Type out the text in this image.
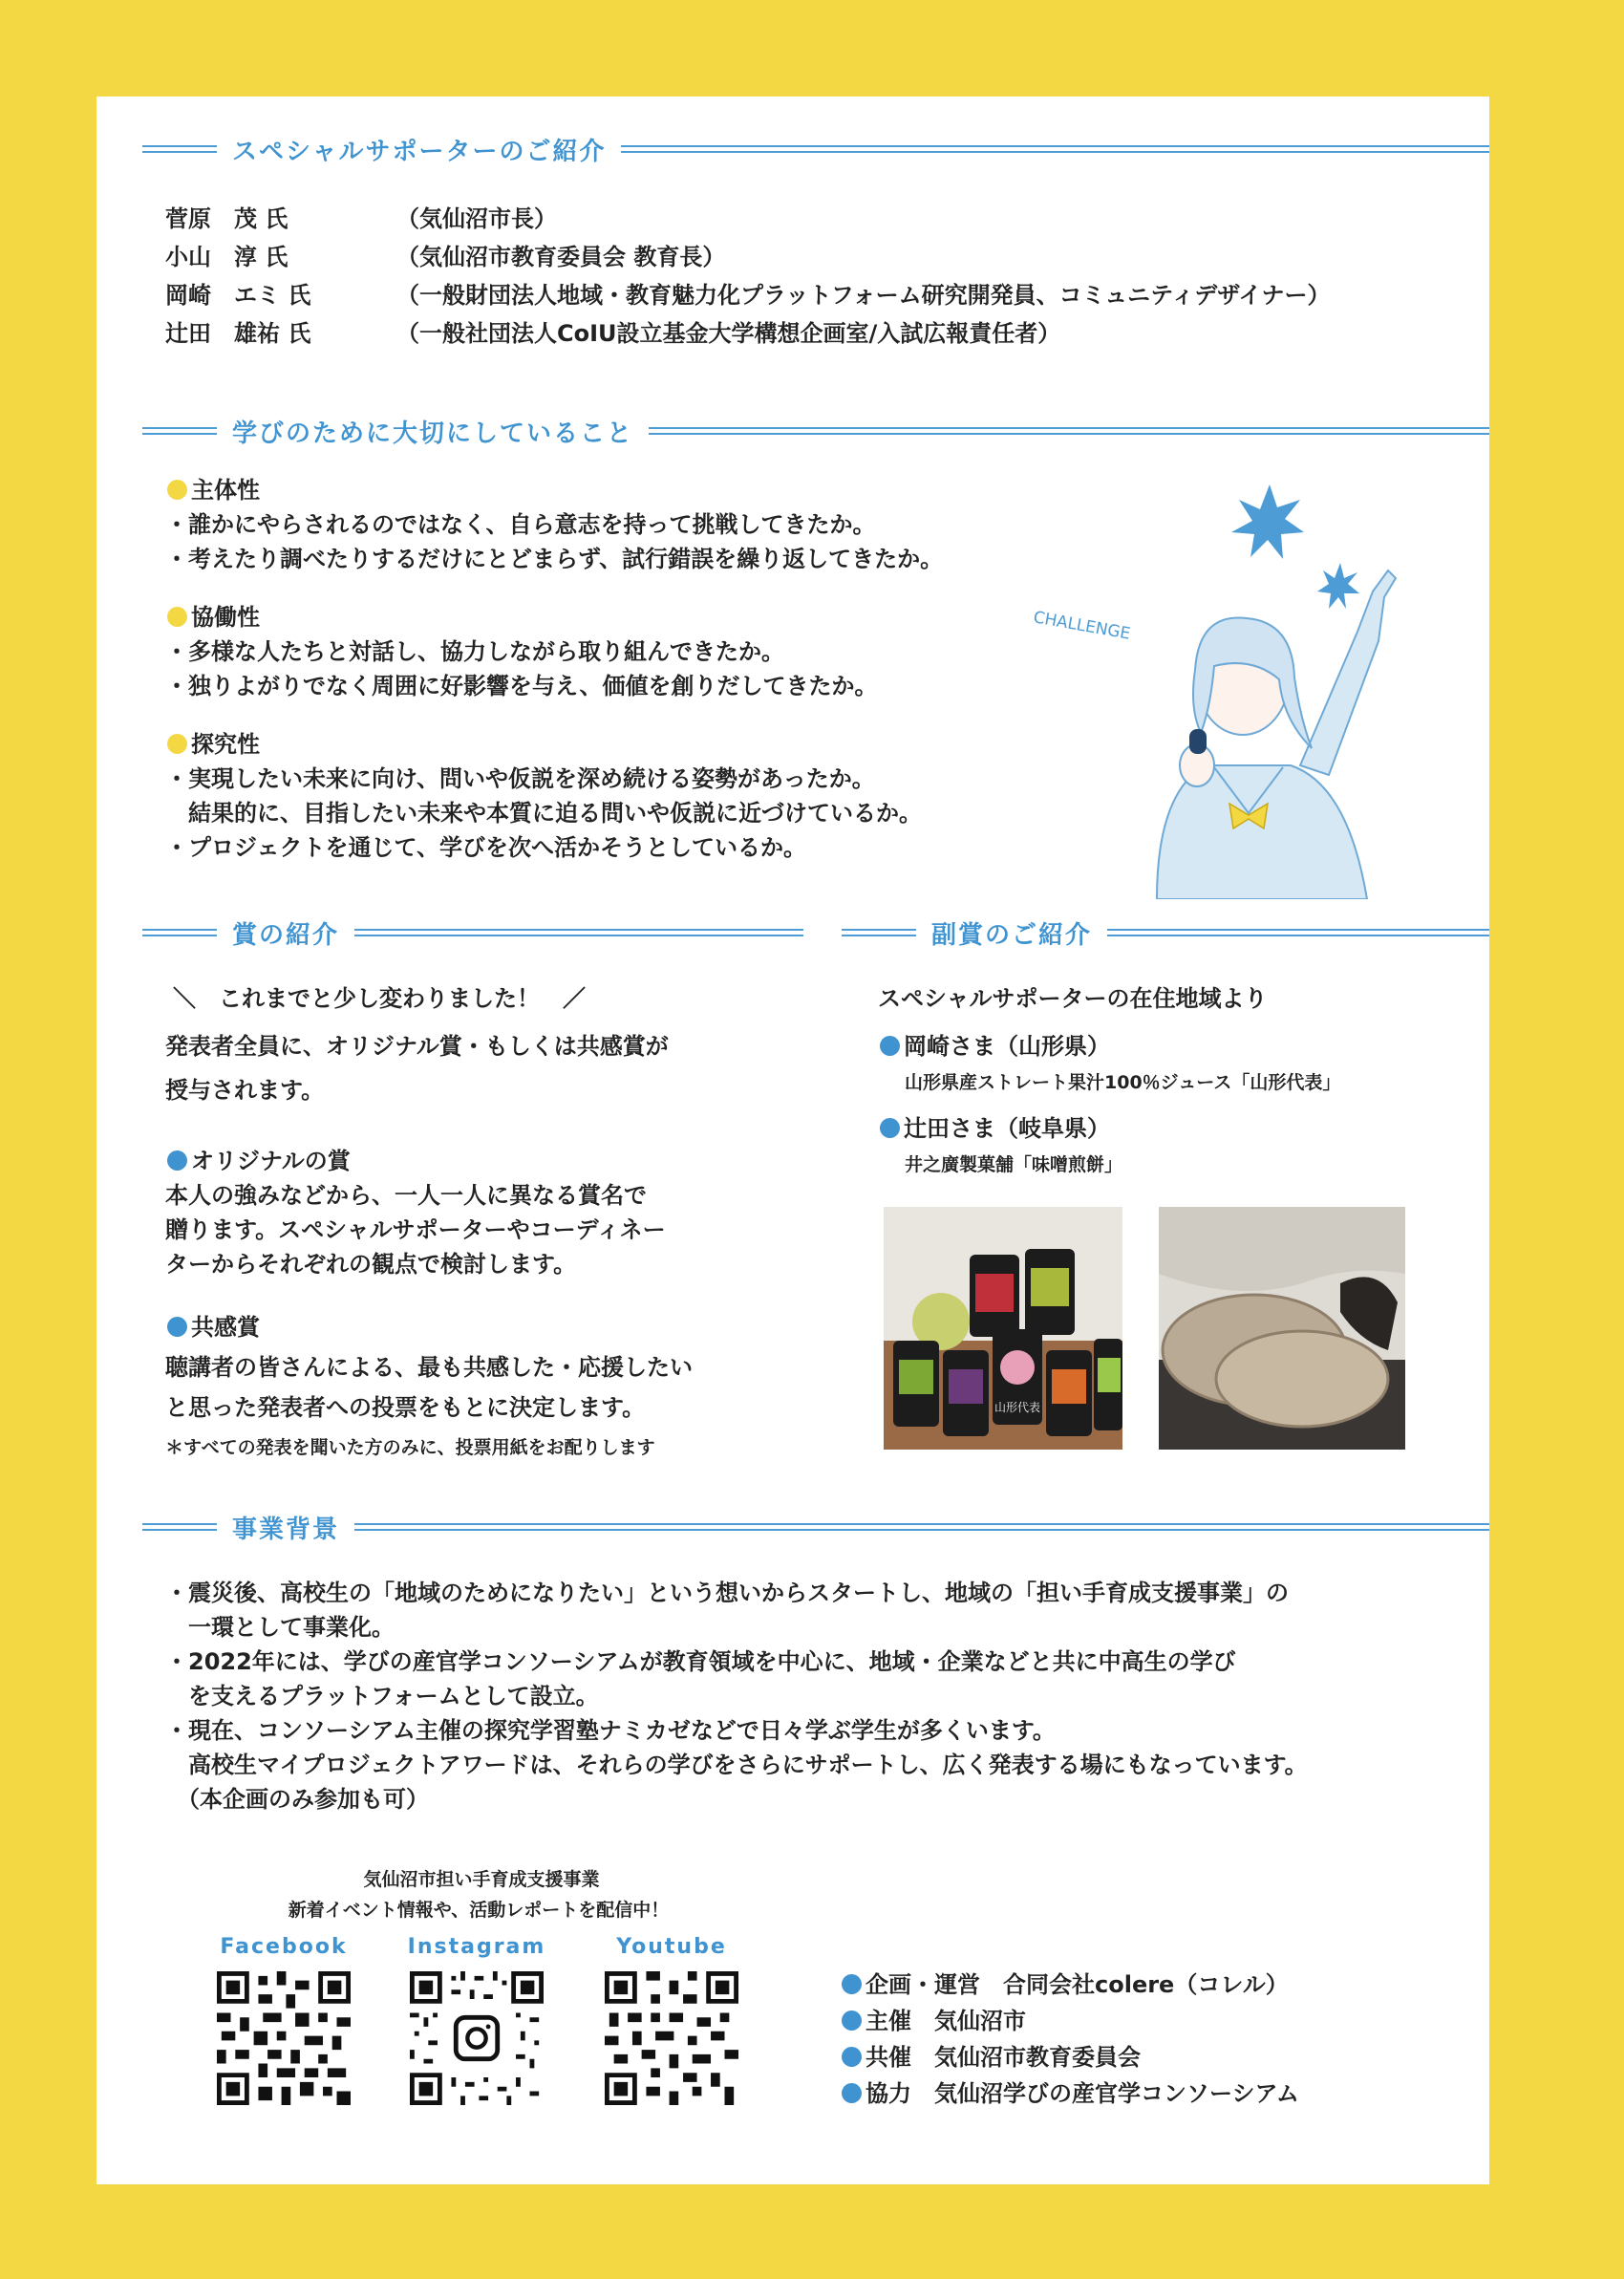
スペシャルサポーターのご紹介
菅原　茂 氏	（気仙沼市長）
小山　淳 氏	（気仙沼市教育委員会 教育長）
岡崎　エミ 氏	（一般財団法人地域・教育魅力化プラットフォーム研究開発員、コミュニティデザイナー）
辻田　雄祐 氏	（一般社団法人CoIU設立基金大学構想企画室/入試広報責任者）
学びのために大切にしていること
主体性
・誰かにやらされるのではなく、自ら意志を持って挑戦してきたか。
・考えたり調べたりするだけにとどまらず、試行錯誤を繰り返してきたか。
協働性
・多様な人たちと対話し、協力しながら取り組んできたか。
・独りよがりでなく周囲に好影響を与え、価値を創りだしてきたか。
探究性
・実現したい未来に向け、問いや仮説を深め続ける姿勢があったか。
　結果的に、目指したい未来や本質に迫る問いや仮説に近づけているか。
・プロジェクトを通じて、学びを次へ活かそうとしているか。
CHALLENGE
賞の紹介
＼　これまでと少し変わりました！　／
発表者全員に、オリジナル賞・もしくは共感賞が
授与されます。
オリジナルの賞
本人の強みなどから、一人一人に異なる賞名で
贈ります。スペシャルサポーターやコーディネー
ターからそれぞれの観点で検討します。
共感賞
聴講者の皆さんによる、最も共感した・応援したい
と思った発表者への投票をもとに決定します。
＊すべての発表を聞いた方のみに、投票用紙をお配りします
副賞のご紹介
スペシャルサポーターの在住地域より
岡崎さま（山形県）
山形県産ストレート果汁100％ジュース「山形代表」
辻田さま（岐阜県）
井之廣製菓舗「味噌煎餅」
山形代表
事業背景
・震災後、高校生の「地域のためになりたい」という想いからスタートし、地域の「担い手育成支援事業」の
　一環として事業化。
・2022年には、学びの産官学コンソーシアムが教育領域を中心に、地域・企業などと共に中高生の学び
　を支えるプラットフォームとして設立。
・現在、コンソーシアム主催の探究学習塾ナミカゼなどで日々学ぶ学生が多くいます。
　高校生マイプロジェクトアワードは、それらの学びをさらにサポートし、広く発表する場にもなっています。
　（本企画のみ参加も可）
気仙沼市担い手育成支援事業
新着イベント情報や、活動レポートを配信中！
Facebook	Instagram	Youtube
企画・運営　 合同会社colere（コレル）
主催　 気仙沼市
共催　 気仙沼市教育委員会
協力　 気仙沼学びの産官学コンソーシアム
